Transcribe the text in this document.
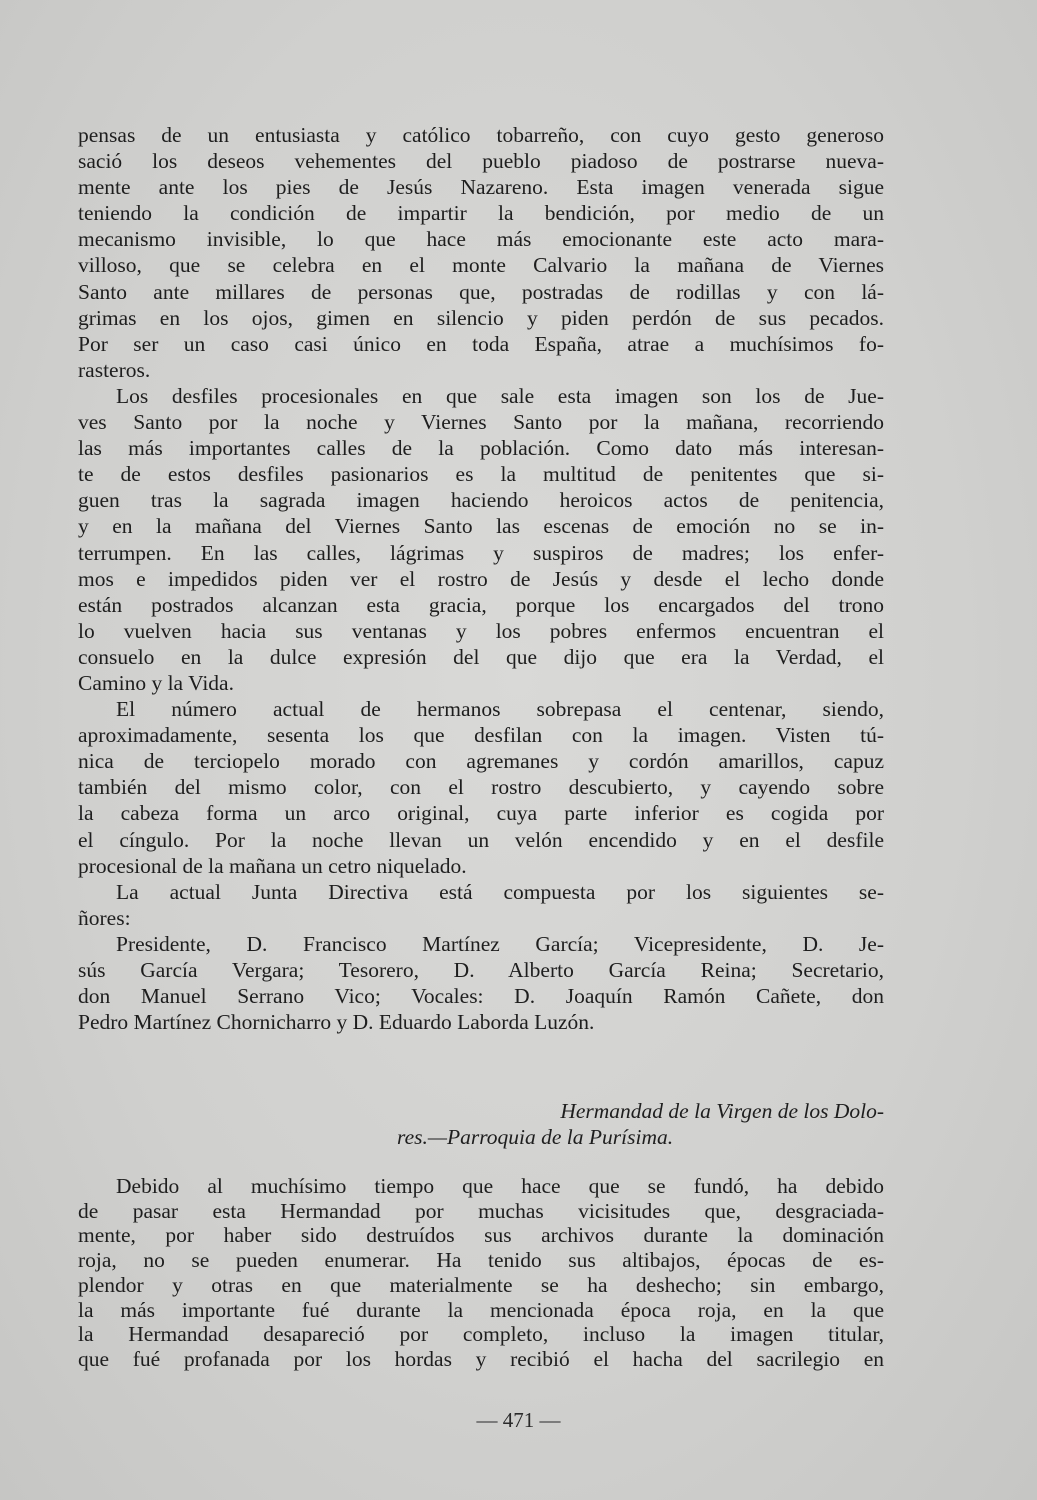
pensas de un entusiasta y católico tobarreño, con cuyo gesto generoso
sació los deseos vehementes del pueblo piadoso de postrarse nueva-
mente ante los pies de Jesús Nazareno. Esta imagen venerada sigue
teniendo la condición de impartir la bendición, por medio de un
mecanismo invisible, lo que hace más emocionante este acto mara-
villoso, que se celebra en el monte Calvario la mañana de Viernes
Santo ante millares de personas que, postradas de rodillas y con lá-
grimas en los ojos, gimen en silencio y piden perdón de sus pecados.
Por ser un caso casi único en toda España, atrae a muchísimos fo-
rasteros.

Los desfiles procesionales en que sale esta imagen son los de Jue-
ves Santo por la noche y Viernes Santo por la mañana, recorriendo
las más importantes calles de la población. Como dato más interesan-
te de estos desfiles pasionarios es la multitud de penitentes que si-
guen tras la sagrada imagen haciendo heroicos actos de penitencia,
y en la mañana del Viernes Santo las escenas de emoción no se in-
terrumpen. En las calles, lágrimas y suspiros de madres; los enfer-
mos e impedidos piden ver el rostro de Jesús y desde el lecho donde
están postrados alcanzan esta gracia, porque los encargados del trono
lo vuelven hacia sus ventanas y los pobres enfermos encuentran el
consuelo en la dulce expresión del que dijo que era la Verdad, el
Camino y la Vida.

El número actual de hermanos sobrepasa el centenar, siendo,
aproximadamente, sesenta los que desfilan con la imagen. Visten tú-
nica de terciopelo morado con agremanes y cordón amarillos, capuz
también del mismo color, con el rostro descubierto, y cayendo sobre
la cabeza forma un arco original, cuya parte inferior es cogida por
el cíngulo. Por la noche llevan un velón encendido y en el desfile
procesional de la mañana un cetro niquelado.

La actual Junta Directiva está compuesta por los siguientes se-
ñores:

Presidente, D. Francisco Martínez García; Vicepresidente, D. Je-
sús García Vergara; Tesorero, D. Alberto García Reina; Secretario,
don Manuel Serrano Vico; Vocales: D. Joaquín Ramón Cañete, don
Pedro Martínez Chornicharro y D. Eduardo Laborda Luzón.

Hermandad de la Virgen de los Dolo-
res.—Parroquia de la Purísima.
Debido al muchísimo tiempo que hace que se fundó, ha debido
de pasar esta Hermandad por muchas vicisitudes que, desgraciada-
mente, por haber sido destruídos sus archivos durante la dominación
roja, no se pueden enumerar. Ha tenido sus altibajos, épocas de es-
plendor y otras en que materialmente se ha deshecho; sin embargo,
la más importante fué durante la mencionada época roja, en la que
la Hermandad desapareció por completo, incluso la imagen titular,
que fué profanada por los hordas y recibió el hacha del sacrilegio en
— 471 —
